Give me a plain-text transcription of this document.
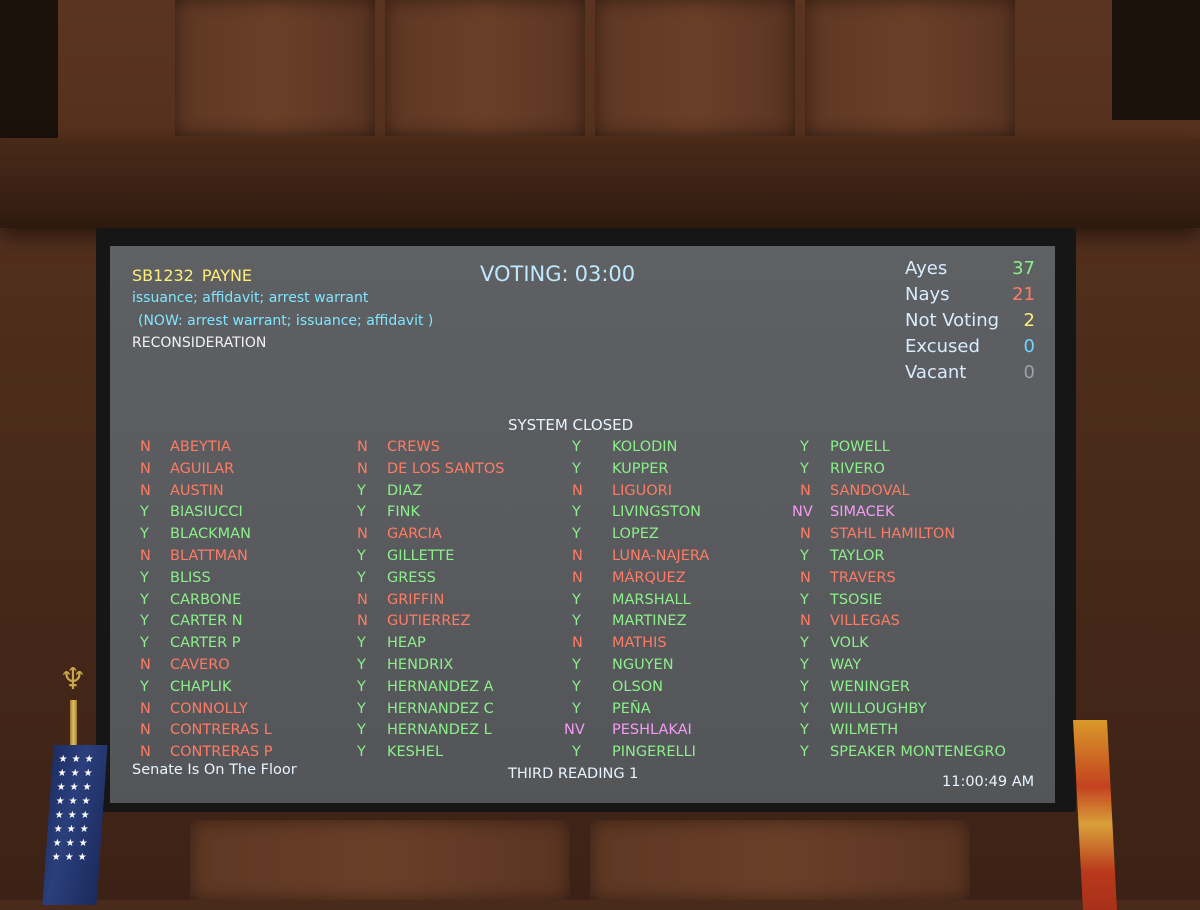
SB1232 PAYNE
issuance; affidavit; arrest warrant
(NOW: arrest warrant; issuance; affidavit )
RECONSIDERATION
VOTING: 03:00	Ayes	37
Nays	21
Not Voting 2
Excused 0
Vacant	0
SYSTEM CLOSED
N	ABEYTIA
N	AGUILAR
N	AUSTIN
Y	BIASIUCCI
Y	BLACKMAN
N	BLATTMAN
Y	BLISS
Y	CARBONE
Y	CARTER N
Y	CARTER P
N	CAVERO
Y	CHAPLIK
N	CONNOLLY
N	CONTRERAS L
N	CONTRERAS P
N	CREWS
N	DE LOS SANTOS
Y	DIAZ
Y	FINK
N	GARCIA
Y	GILLETTE
Y	GRESS
N	GRIFFIN
N	GUTIERREZ
Y	HEAP
Y	HENDRIX
Y	HERNANDEZ A
Y	HERNANDEZ C
Y	HERNANDEZ L
Y	KESHEL
Y	KOLODIN
Y	KUPPER
N	LIGUORI
Y	LIVINGSTON
Y	LOPEZ
N	LUNA-NAJERA
N	MÁRQUEZ
Y	MARSHALL
Y	MARTINEZ
N	MATHIS
Y	NGUYEN
Y	OLSON
Y	PEÑA
NV	PESHLAKAI
Y	PINGERELLI
Y	POWELL
Y	RIVERO
N	SANDOVAL
NV	SIMACEK
N	STAHL HAMILTON
Y	TAYLOR
N	TRAVERS
Y	TSOSIE
N	VILLEGAS
Y	VOLK
Y	WAY
Y	WENINGER
Y	WILLOUGHBY
Y	WILMETH
Y	SPEAKER MONTENEGRO
Senate Is On The Floor	THIRD READING 1	11:00:49 AM
♆
★★★ ★★★ ★★★ ★★★ ★★★ ★★★ ★★★ ★★★
